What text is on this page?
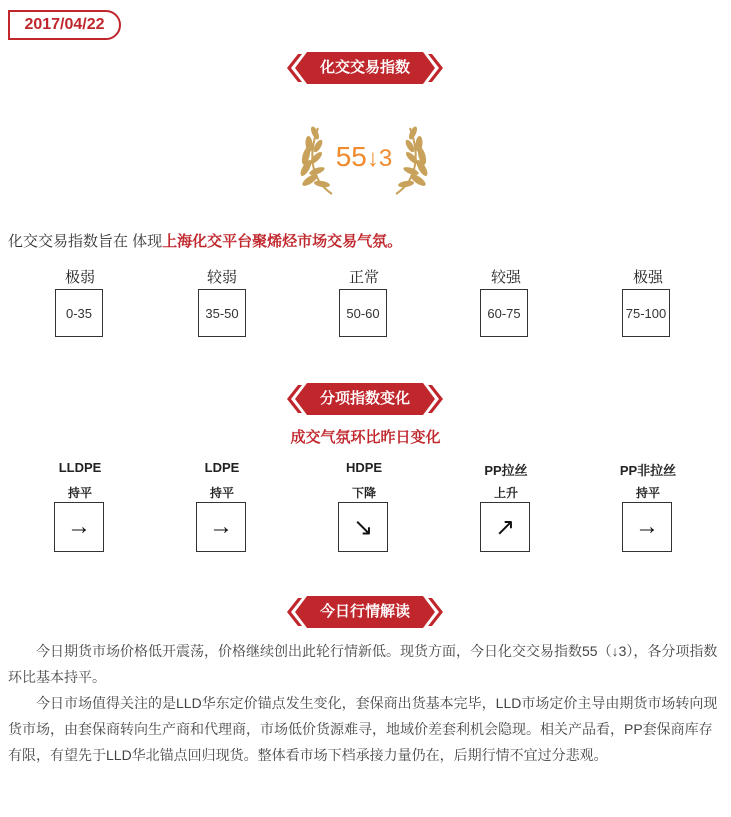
2017/04/22
化交交易指数
55↓3
化交交易指数旨在 体现上海化交平台聚烯烃市场交易气氛。
极弱
0-35
较弱
35-50
正常
50-60
较强
60-75
极强
75-100
分项指数变化
成交气氛环比昨日变化
LLDPE
持平
→
LDPE
持平
→
HDPE
下降
↘
PP拉丝
上升
↗
PP非拉丝
持平
→
今日行情解读

今日期货市场价格低开震荡，价格继续创出此轮行情新低。现货方面，今日化交交易指数55（↓3），各分项指数环比基本持平。

今日市场值得关注的是LLD华东定价锚点发生变化，套保商出货基本完毕，LLD市场定价主导由期货市场转向现货市场，由套保商转向生产商和代理商，市场低价货源难寻，地域价差套利机会隐现。相关产品看，PP套保商库存有限，有望先于LLD华北锚点回归现货。整体看市场下档承接力量仍在，后期行情不宜过分悲观。
